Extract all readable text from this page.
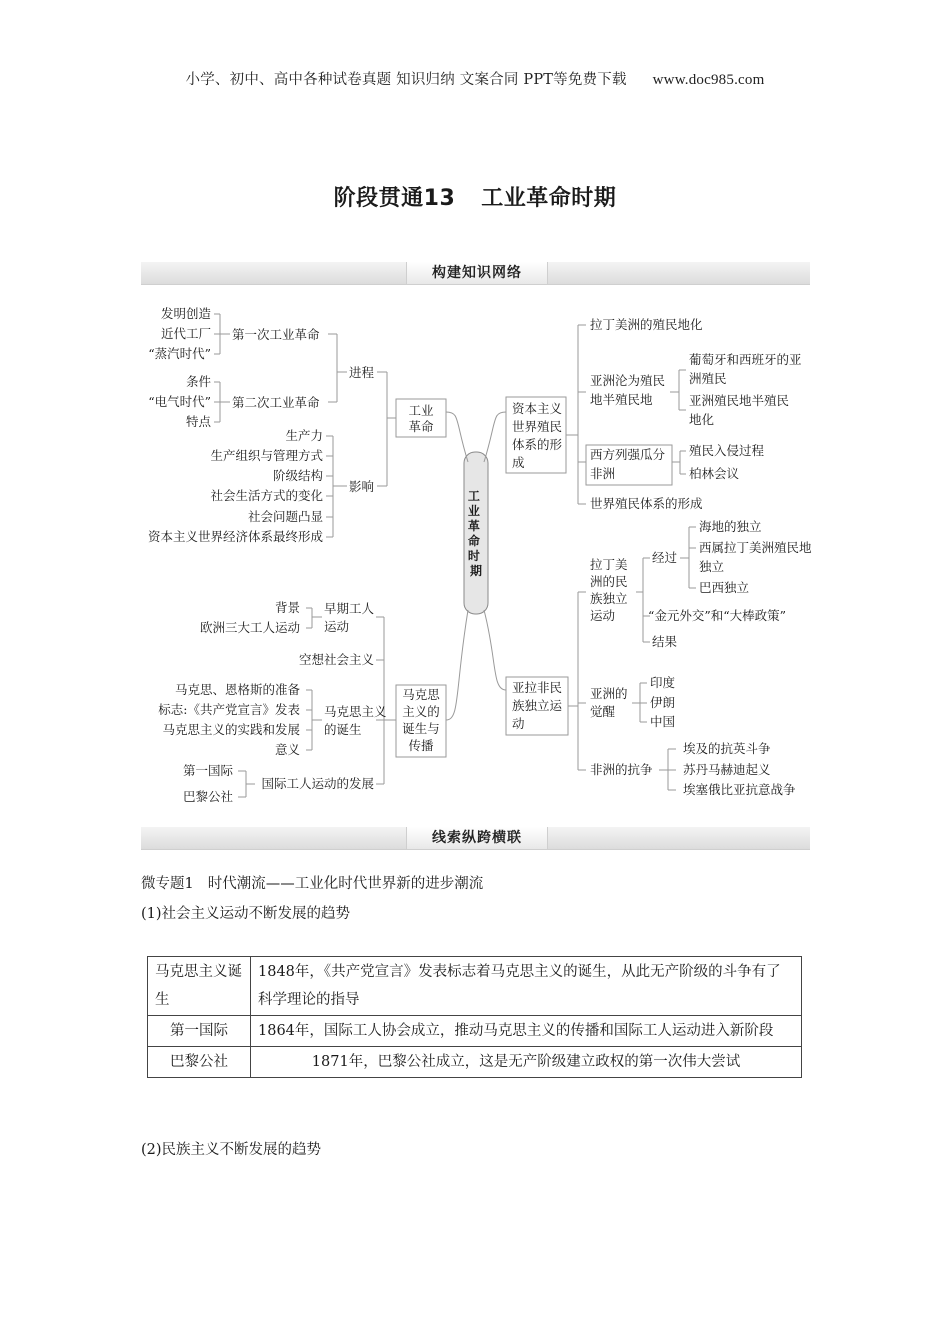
小学、初中、高中各种试卷真题 知识归纳 文案合同 PPT等免费下载 www.doc985.com
阶段贯通13 工业革命时期
构建知识网络
工 业 革 命 时 期
工业革命
进程
影响
第一次工业革命
第二次工业革命
发明创造
近代工厂
“蒸汽时代”
条件
“电气时代”
特点
生产力
生产组织与管理方式
阶级结构
社会生活方式的变化
社会问题凸显
资本主义世界经济体系最终形成
马克思主义的诞生与传播
早期工人运动
空想社会主义
马克思主义的诞生
国际工人运动的发展
背景
欧洲三大工人运动
马克思、恩格斯的准备
标志:《共产党宣言》发表
马克思主义的实践和发展
意义
第一国际
巴黎公社
资本主义世界殖民体系的形成
拉丁美洲的殖民地化
亚洲沦为殖民地半殖民地
西方列强瓜分非洲
世界殖民体系的形成
葡萄牙和西班牙的亚洲殖民
亚洲殖民地半殖民地化
殖民入侵过程
柏林会议
亚拉非民族独立运动
拉丁美洲的民族独立运动
亚洲的觉醒
非洲的抗争
经过
“金元外交”和“大棒政策”
结果
海地的独立
西属拉丁美洲殖民地独立
巴西独立
印度
伊朗
中国
埃及的抗英斗争
苏丹马赫迪起义
埃塞俄比亚抗意战争
线索纵跨横联
微专题1 时代潮流——工业化时代世界新的进步潮流
(1)社会主义运动不断发展的趋势
马克思主义诞生	1848年，《共产党宣言》发表标志着马克思主义的诞生，从此无产阶级的斗争有了科学理论的指导
第一国际	1864年，国际工人协会成立，推动马克思主义的传播和国际工人运动进入新阶段
巴黎公社	1871年，巴黎公社成立，这是无产阶级建立政权的第一次伟大尝试
(2)民族主义不断发展的趋势
